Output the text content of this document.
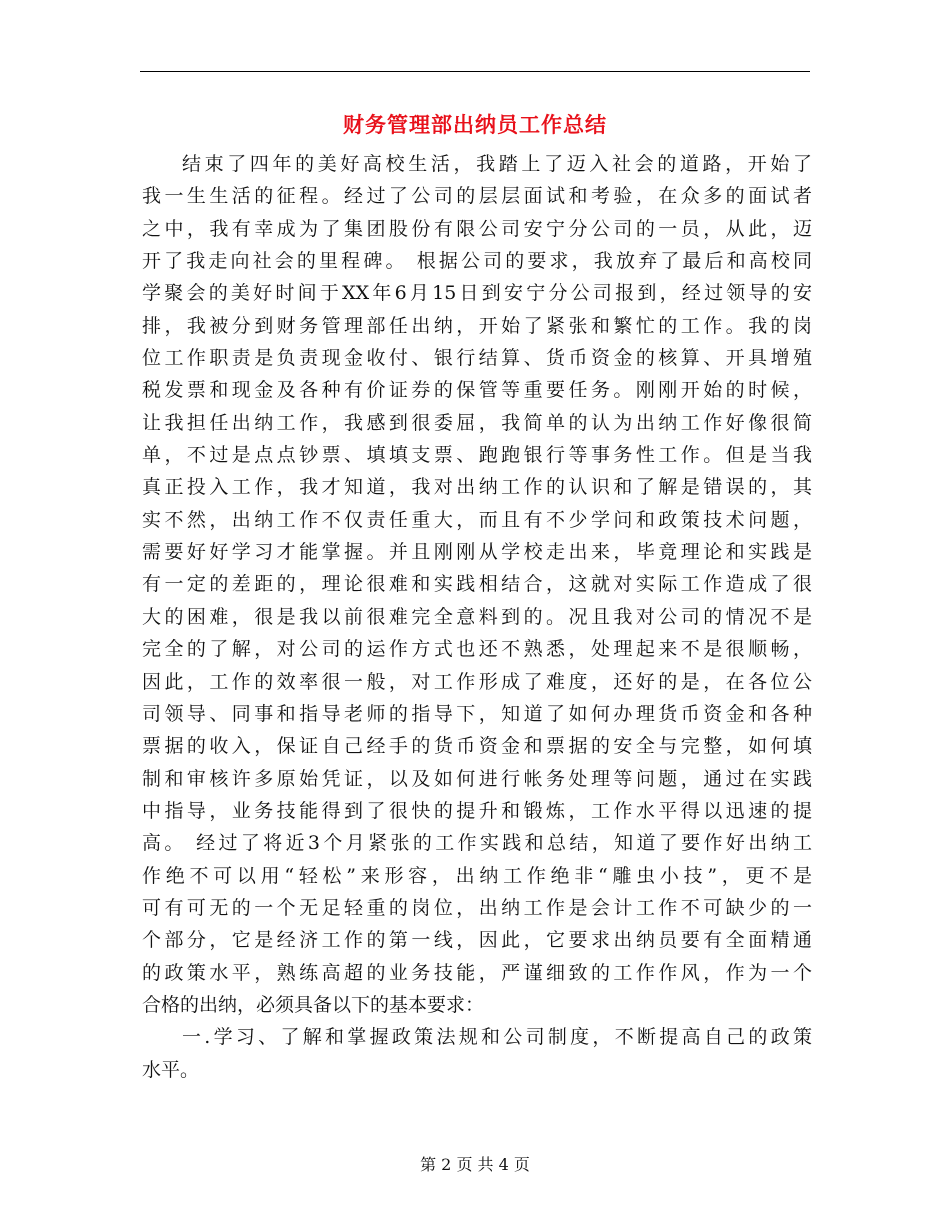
财务管理部出纳员工作总结
结束了四年的美好高校生活，我踏上了迈入社会的道路，开始了
我一生生活的征程。经过了公司的层层面试和考验，在众多的面试者
之中，我有幸成为了集团股份有限公司安宁分公司的一员，从此，迈
开了我走向社会的里程碑。 根据公司的要求，我放弃了最后和高校同
学聚会的美好时间于XX年6月15日到安宁分公司报到，经过领导的安
排，我被分到财务管理部任出纳，开始了紧张和繁忙的工作。我的岗
位工作职责是负责现金收付、银行结算、货币资金的核算、开具增殖
税发票和现金及各种有价证券的保管等重要任务。刚刚开始的时候，
让我担任出纳工作，我感到很委屈，我简单的认为出纳工作好像很简
单，不过是点点钞票、填填支票、跑跑银行等事务性工作。但是当我
真正投入工作，我才知道，我对出纳工作的认识和了解是错误的，其
实不然，出纳工作不仅责任重大，而且有不少学问和政策技术问题，
需要好好学习才能掌握。并且刚刚从学校走出来，毕竟理论和实践是
有一定的差距的，理论很难和实践相结合，这就对实际工作造成了很
大的困难，很是我以前很难完全意料到的。况且我对公司的情况不是
完全的了解，对公司的运作方式也还不熟悉，处理起来不是很顺畅，
因此，工作的效率很一般，对工作形成了难度，还好的是，在各位公
司领导、同事和指导老师的指导下，知道了如何办理货币资金和各种
票据的收入，保证自己经手的货币资金和票据的安全与完整，如何填
制和审核许多原始凭证，以及如何进行帐务处理等问题，通过在实践
中指导，业务技能得到了很快的提升和锻炼，工作水平得以迅速的提
高。 经过了将近3个月紧张的工作实践和总结，知道了要作好出纳工
作绝不可以用“轻松”来形容，出纳工作绝非“雕虫小技”，更不是
可有可无的一个无足轻重的岗位，出纳工作是会计工作不可缺少的一
个部分，它是经济工作的第一线，因此，它要求出纳员要有全面精通
的政策水平，熟练高超的业务技能，严谨细致的工作作风，作为一个
合格的出纳，必须具备以下的基本要求：
一.学习、了解和掌握政策法规和公司制度，不断提高自己的政策
水平。
第 2 页 共 4 页
